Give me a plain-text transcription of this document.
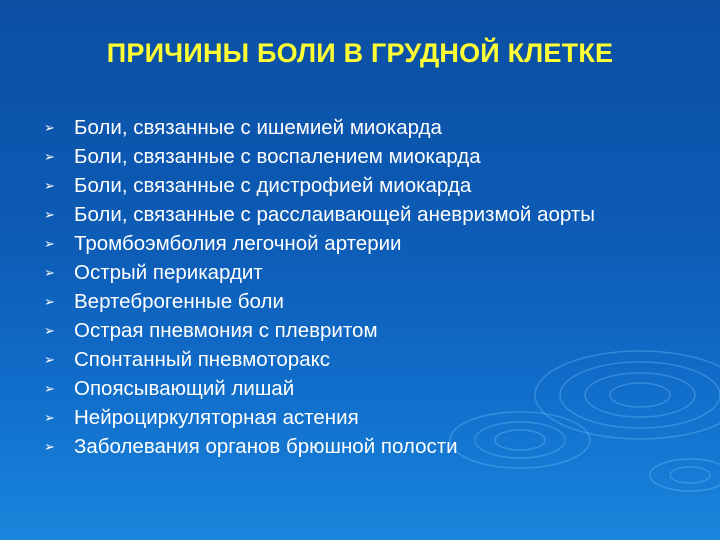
ПРИЧИНЫ БОЛИ В ГРУДНОЙ КЛЕТКЕ
➢ Боли, связанные с ишемией миокарда
➢ Боли, связанные с воспалением миокарда
➢ Боли, связанные с дистрофией миокарда
➢ Боли, связанные с расслаивающей аневризмой аорты
➢ Тромбоэмболия легочной артерии
➢ Острый перикардит
➢ Вертеброгенные боли
➢ Острая пневмония с плевритом
➢ Спонтанный пневмоторакс
➢ Опоясывающий лишай
➢ Нейроциркуляторная астения
➢ Заболевания органов брюшной полости
